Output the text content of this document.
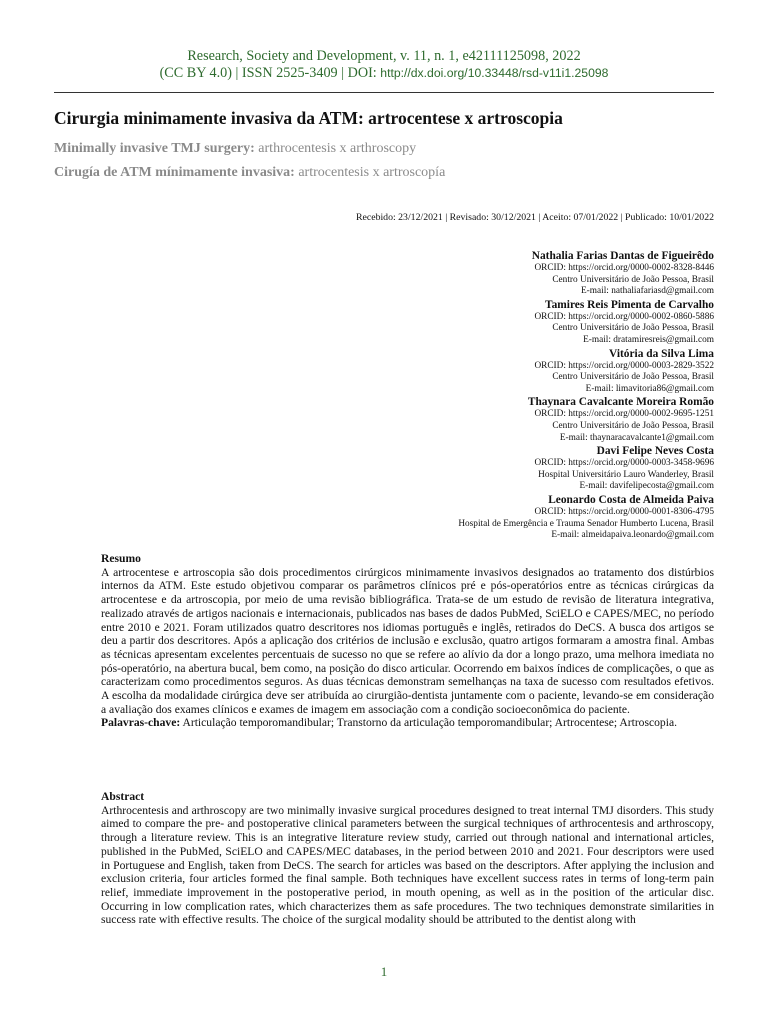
Research, Society and Development, v. 11, n. 1, e42111125098, 2022
(CC BY 4.0) | ISSN 2525-3409 | DOI: http://dx.doi.org/10.33448/rsd-v11i1.25098
Cirurgia minimamente invasiva da ATM: artrocentese x artroscopia

Minimally invasive TMJ surgery: arthrocentesis x arthroscopy

Cirugía de ATM mínimamente invasiva: artrocentesis x artroscopía

Recebido: 23/12/2021 | Revisado: 30/12/2021 | Aceito: 07/01/2022 | Publicado: 10/01/2022
Nathalia Farias Dantas de Figueirêdo
ORCID: https://orcid.org/0000-0002-8328-8446
Centro Universitário de João Pessoa, Brasil
E-mail: nathaliafariasd@gmail.com
Tamires Reis Pimenta de Carvalho
ORCID: https://orcid.org/0000-0002-0860-5886
Centro Universitário de João Pessoa, Brasil
E-mail: dratamiresreis@gmail.com
Vitória da Silva Lima
ORCID: https://orcid.org/0000-0003-2829-3522
Centro Universitário de João Pessoa, Brasil
E-mail: limavitoria86@gmail.com
Thaynara Cavalcante Moreira Romão
ORCID: https://orcid.org/0000-0002-9695-1251
Centro Universitário de João Pessoa, Brasil
E-mail: thaynaracavalcante1@gmail.com
Davi Felipe Neves Costa
ORCID: https://orcid.org/0000-0003-3458-9696
Hospital Universitário Lauro Wanderley, Brasil
E-mail: davifelipecosta@gmail.com
Leonardo Costa de Almeida Paiva
ORCID: https://orcid.org/0000-0001-8306-4795
Hospital de Emergência e Trauma Senador Humberto Lucena, Brasil
E-mail: almeidapaiva.leonardo@gmail.com

Resumo

A artrocentese e artroscopia são dois procedimentos cirúrgicos minimamente invasivos designados ao tratamento dos distúrbios internos da ATM. Este estudo objetivou comparar os parâmetros clínicos pré e pós-operatórios entre as técnicas cirúrgicas da artrocentese e da artroscopia, por meio de uma revisão bibliográfica. Trata-se de um estudo de revisão de literatura integrativa, realizado através de artigos nacionais e internacionais, publicados nas bases de dados PubMed, SciELO e CAPES/MEC, no período entre 2010 e 2021. Foram utilizados quatro descritores nos idiomas português e inglês, retirados do DeCS. A busca dos artigos se deu a partir dos descritores. Após a aplicação dos critérios de inclusão e exclusão, quatro artigos formaram a amostra final. Ambas as técnicas apresentam excelentes percentuais de sucesso no que se refere ao alívio da dor a longo prazo, uma melhora imediata no pós-operatório, na abertura bucal, bem como, na posição do disco articular. Ocorrendo em baixos índices de complicações, o que as caracterizam como procedimentos seguros. As duas técnicas demonstram semelhanças na taxa de sucesso com resultados efetivos. A escolha da modalidade cirúrgica deve ser atribuída ao cirurgião-dentista juntamente com o paciente, levando-se em consideração a avaliação dos exames clínicos e exames de imagem em associação com a condição socioeconômica do paciente.

Palavras-chave: Articulação temporomandibular; Transtorno da articulação temporomandibular; Artrocentese; Artroscopia.

Abstract

Arthrocentesis and arthroscopy are two minimally invasive surgical procedures designed to treat internal TMJ disorders. This study aimed to compare the pre- and postoperative clinical parameters between the surgical techniques of arthrocentesis and arthroscopy, through a literature review. This is an integrative literature review study, carried out through national and international articles, published in the PubMed, SciELO and CAPES/MEC databases, in the period between 2010 and 2021. Four descriptors were used in Portuguese and English, taken from DeCS. The search for articles was based on the descriptors. After applying the inclusion and exclusion criteria, four articles formed the final sample. Both techniques have excellent success rates in terms of long-term pain relief, immediate improvement in the postoperative period, in mouth opening, as well as in the position of the articular disc. Occurring in low complication rates, which characterizes them as safe procedures. The two techniques demonstrate similarities in success rate with effective results. The choice of the surgical modality should be attributed to the dentist along with

1
